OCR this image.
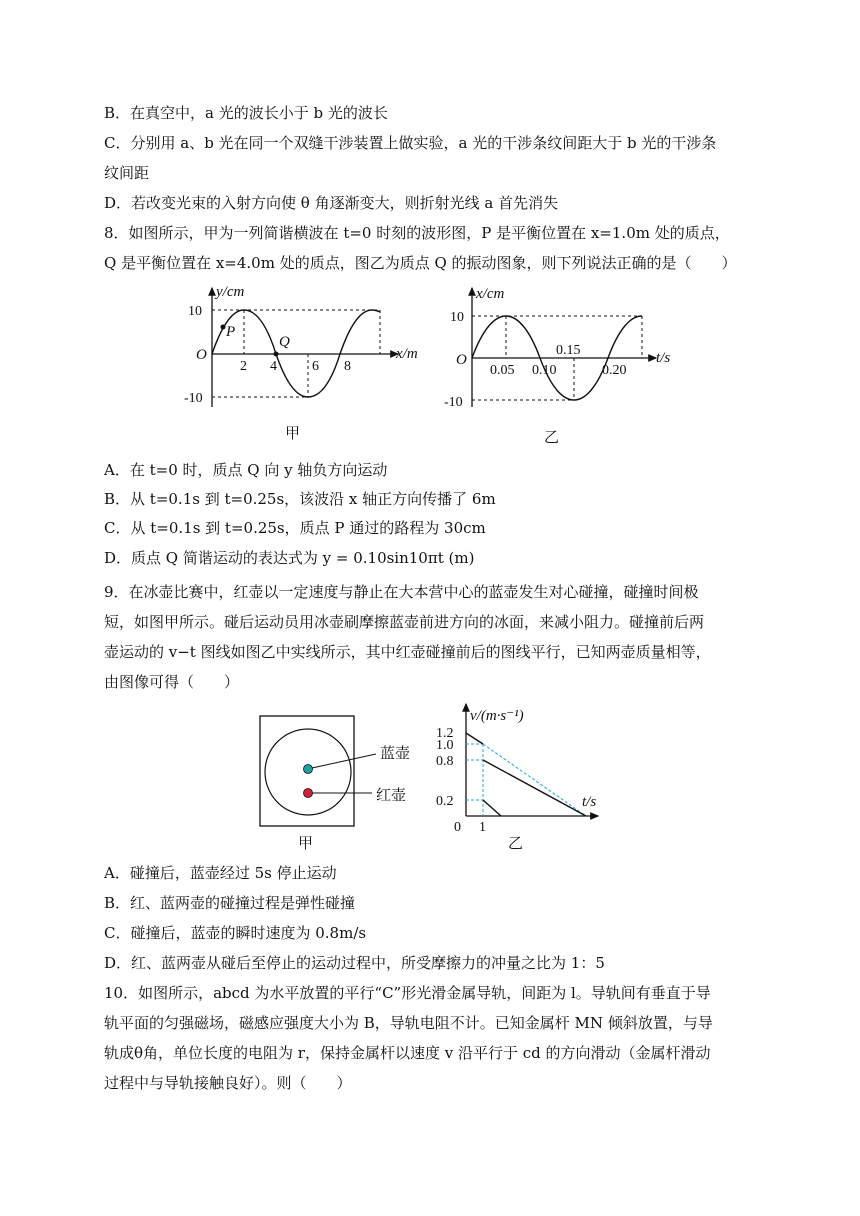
B．在真空中，a 光的波长小于 b 光的波长
C．分别用 a、b 光在同一个双缝干涉装置上做实验，a 光的干涉条纹间距大于 b 光的干涉条
纹间距
D．若改变光束的入射方向使 θ 角逐渐变大，则折射光线 a 首先消失
8．如图所示，甲为一列简谐横波在 t=0 时刻的波形图，P 是平衡位置在 x=1.0m 处的质点，
Q 是平衡位置在 x=4.0m 处的质点，图乙为质点 Q 的振动图象，则下列说法正确的是（　　）
y/cm
x/m
O
10
-10
2 4	6 8
P
Q
甲
x/cm
t/s
O
10
-10
0.05 0.10
0.15
0.20
乙
A．在 t=0 时，质点 Q 向 y 轴负方向运动
B．从 t=0.1s 到 t=0.25s，该波沿 x 轴正方向传播了 6m
C．从 t=0.1s 到 t=0.25s，质点 P 通过的路程为 30cm
D．质点 Q 简谐运动的表达式为 y = 0.10sin10πt (m)
9．在冰壶比赛中，红壶以一定速度与静止在大本营中心的蓝壶发生对心碰撞，碰撞时间极
短，如图甲所示。碰后运动员用冰壶刷摩擦蓝壶前进方向的冰面，来减小阻力。碰撞前后两
壶运动的 v−t 图线如图乙中实线所示，其中红壶碰撞前后的图线平行，已知两壶质量相等，
由图像可得（　　）
蓝壶
红壶
甲
v/(m·s⁻¹)
t/s
1.2
1.0
0.8
0.2
0 1
乙
A．碰撞后，蓝壶经过 5s 停止运动
B．红、蓝两壶的碰撞过程是弹性碰撞
C．碰撞后，蓝壶的瞬时速度为 0.8m/s
D．红、蓝两壶从碰后至停止的运动过程中，所受摩擦力的冲量之比为 1：5
10．如图所示，abcd 为水平放置的平行“C”形光滑金属导轨，间距为 l。导轨间有垂直于导
轨平面的匀强磁场，磁感应强度大小为 B，导轨电阻不计。已知金属杆 MN 倾斜放置，与导
轨成θ角，单位长度的电阻为 r，保持金属杆以速度 v 沿平行于 cd 的方向滑动（金属杆滑动
过程中与导轨接触良好）。则（　　）
